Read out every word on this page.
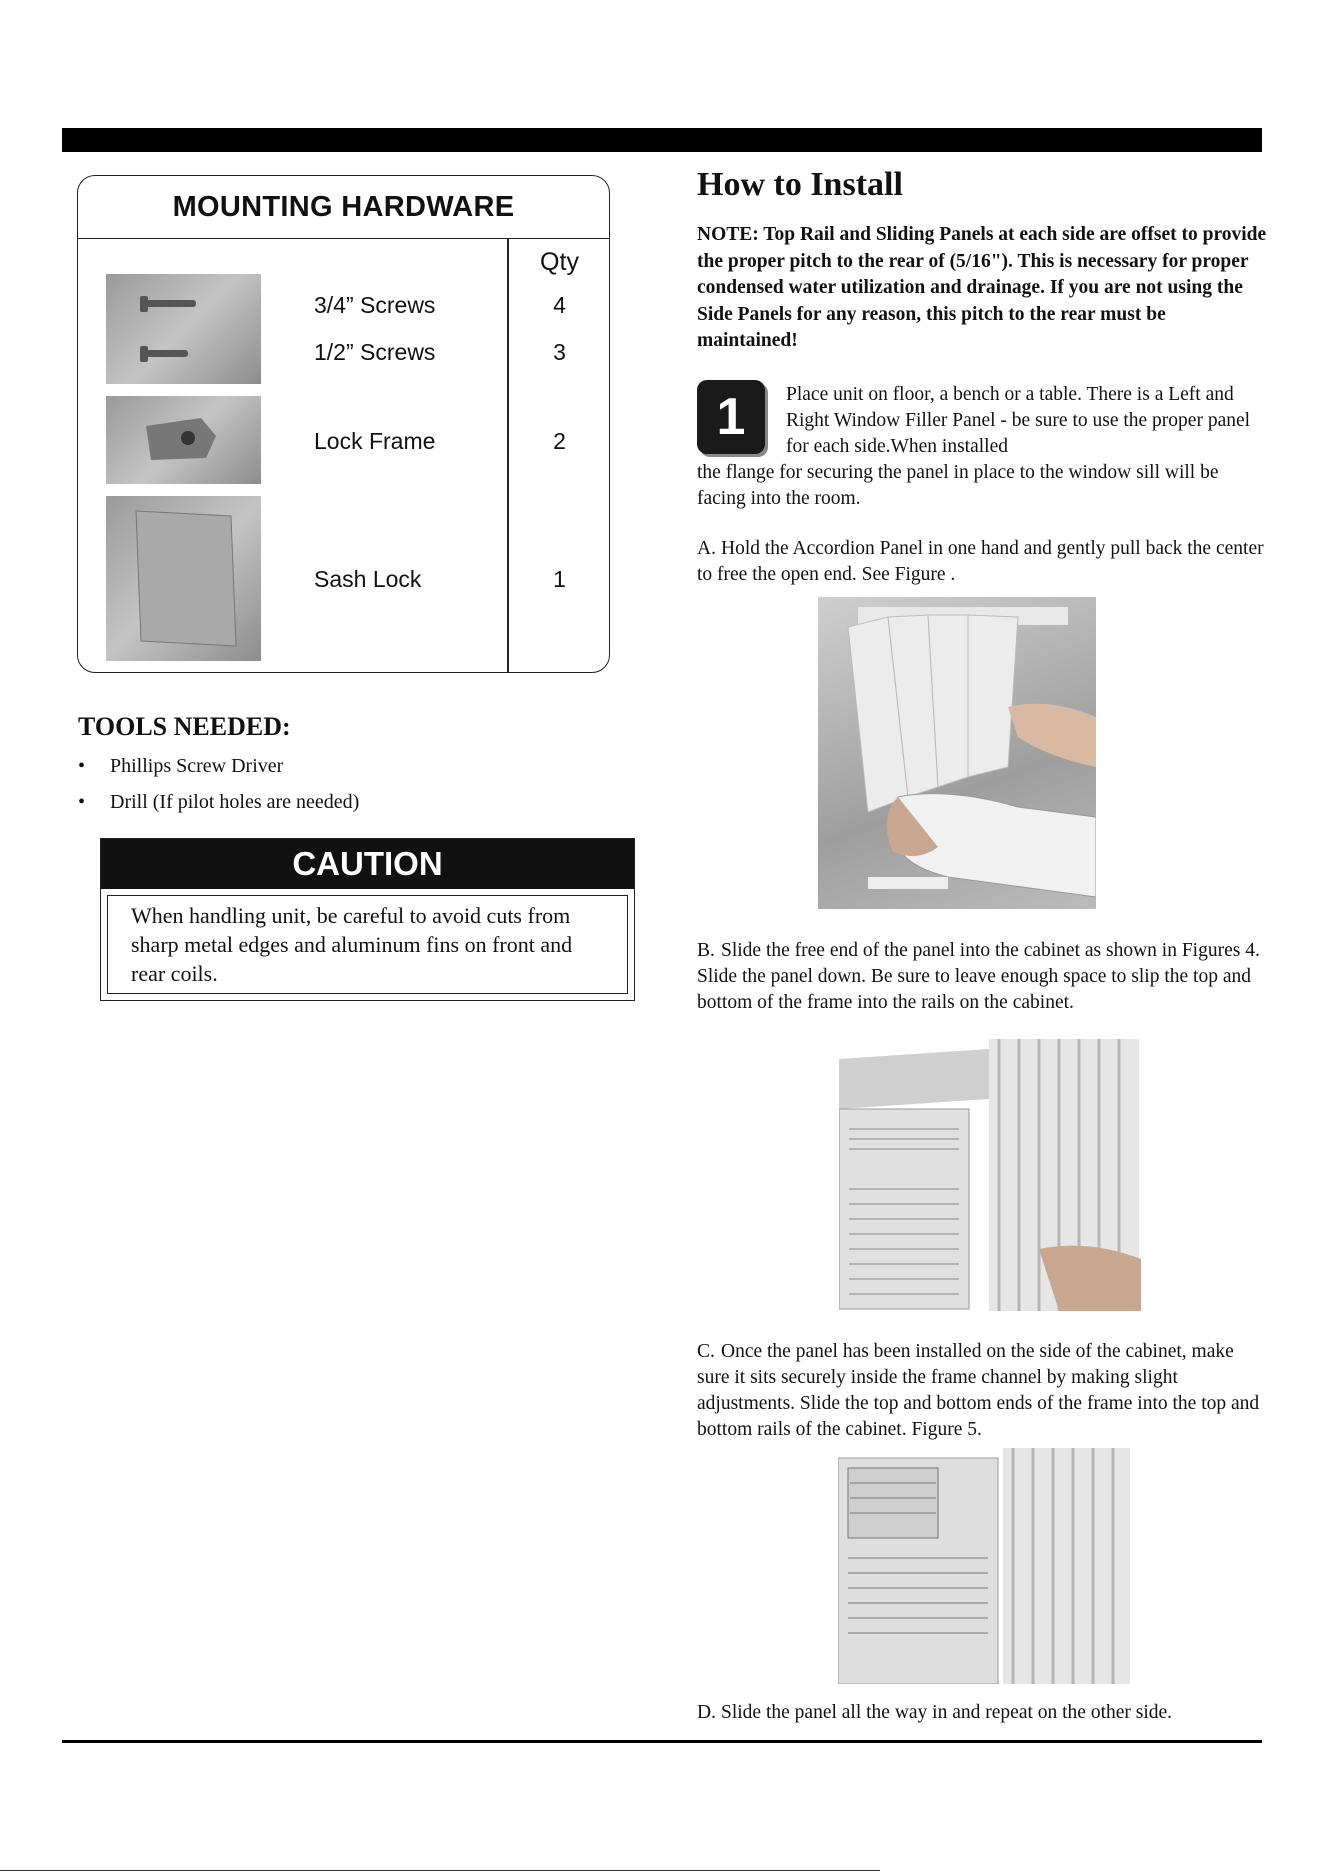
MOUNTING HARDWARE
Qty
3/4” Screws	4
1/2” Screws	3
Lock Frame	2
Sash Lock	1
TOOLS NEEDED:
• Phillips Screw Driver
• Drill (If pilot holes are needed)
CAUTION
When handling unit, be careful to avoid cuts from sharp metal edges and aluminum fins on front and rear coils.
How to Install
NOTE: Top Rail and Sliding Panels at each side are offset to provide the proper pitch to the rear of (5/16"). This is necessary for proper condensed water utilization and drainage. If you are not using the Side Panels for any reason, this pitch to the rear must be maintained!
1	Place unit on floor, a bench or a table. There is a Left and Right Window Filler Panel - be sure to use the proper panel for each side.When installed
the flange for securing the panel in place to the window sill will be facing into the room.
A. Hold the Accordion Panel in one hand and gently pull back the center to free the open end. See Figure .
B. Slide the free end of the panel into the cabinet as shown in Figures 4. Slide the panel down. Be sure to leave enough space to slip the top and bottom of the frame into the rails on the cabinet.
C. Once the panel has been installed on the side of the cabinet, make sure it sits securely inside the frame channel by making slight adjustments. Slide the top and bottom ends of the frame into the top and bottom rails of the cabinet. Figure 5.
D. Slide the panel all the way in and repeat on the other side.
